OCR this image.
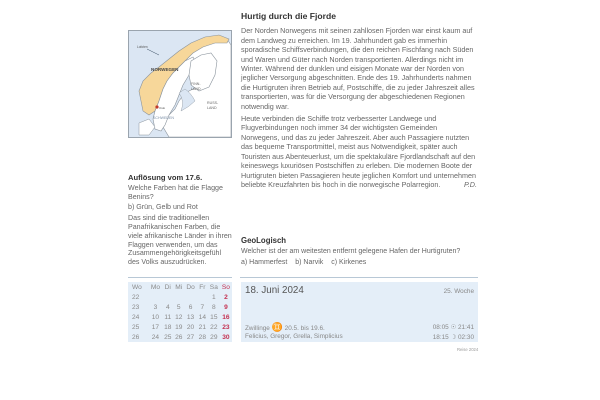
Lofoten
NORWEGEN
FINN-
LAND
RUSS-
LAND
SCHWEDEN
Oslo
Auflösung vom 17.6.

Welche Farben hat die Flagge Benins?

b) Grün, Gelb und Rot

Das sind die traditionellen Panafrikanischen Farben, die viele afrikanische Länder in ihren Flaggen verwenden, um das Zusammengehörigkeitsgefühl des Volks auszudrücken.

Hurtig durch die Fjorde

Der Norden Norwegens mit seinen zahllosen Fjorden war einst kaum auf dem Landweg zu erreichen. Im 19. Jahrhundert gab es immerhin sporadische Schiffsverbindungen, die den reichen Fischfang nach Süden und Waren und Güter nach Norden transportierten. Allerdings nicht im Winter. Während der dunklen und eisigen Monate war der Norden von jeglicher Versorgung abgeschnitten. Ende des 19. Jahrhunderts nahmen die Hurtigruten ihren Betrieb auf, Postschiffe, die zu jeder Jahreszeit alles transportierten, was für die Versorgung der abgeschiedenen Regionen notwendig war.

Heute verbinden die Schiffe trotz verbesserter Landwege und Flugverbindungen noch immer 34 der wichtigsten Gemeinden Norwegens, und das zu jeder Jahreszeit. Aber auch Passagiere nutzten das bequeme Transportmittel, meist aus Notwendigkeit, später auch Touristen aus Abenteuerlust, um die spektakuläre Fjordlandschaft auf den keineswegs luxuriösen Postschiffen zu erleben. Die modernen Boote der Hurtigruten bieten Passagieren heute jeglichen Komfort und unternehmen beliebte Kreuzfahrten bis hoch in die norwegische Polarregion.	P.D.

GeoLogisch

Welcher ist der am weitesten entfernt gelegene Hafen der Hurtigruten?

a) Hammerfest b) Narvik c) Kirkenes

Wo	Mo	Di	Mi	Do	Fr	Sa	So
22						1	2
23	3	4	5	6	7	8	9
24	10	11	12	13	14	15	16
25	17	18	19	20	21	22	23
26	24	25	26	27	28	29	30
18. Juni 2024	25. Woche
Zwillinge ♊ 20.5. bis 19.6.
Felicius, Gregor, Grella, Simplicius
08:05 ☉ 21:41
18:15 ☽ 02:30
Reise 2024
